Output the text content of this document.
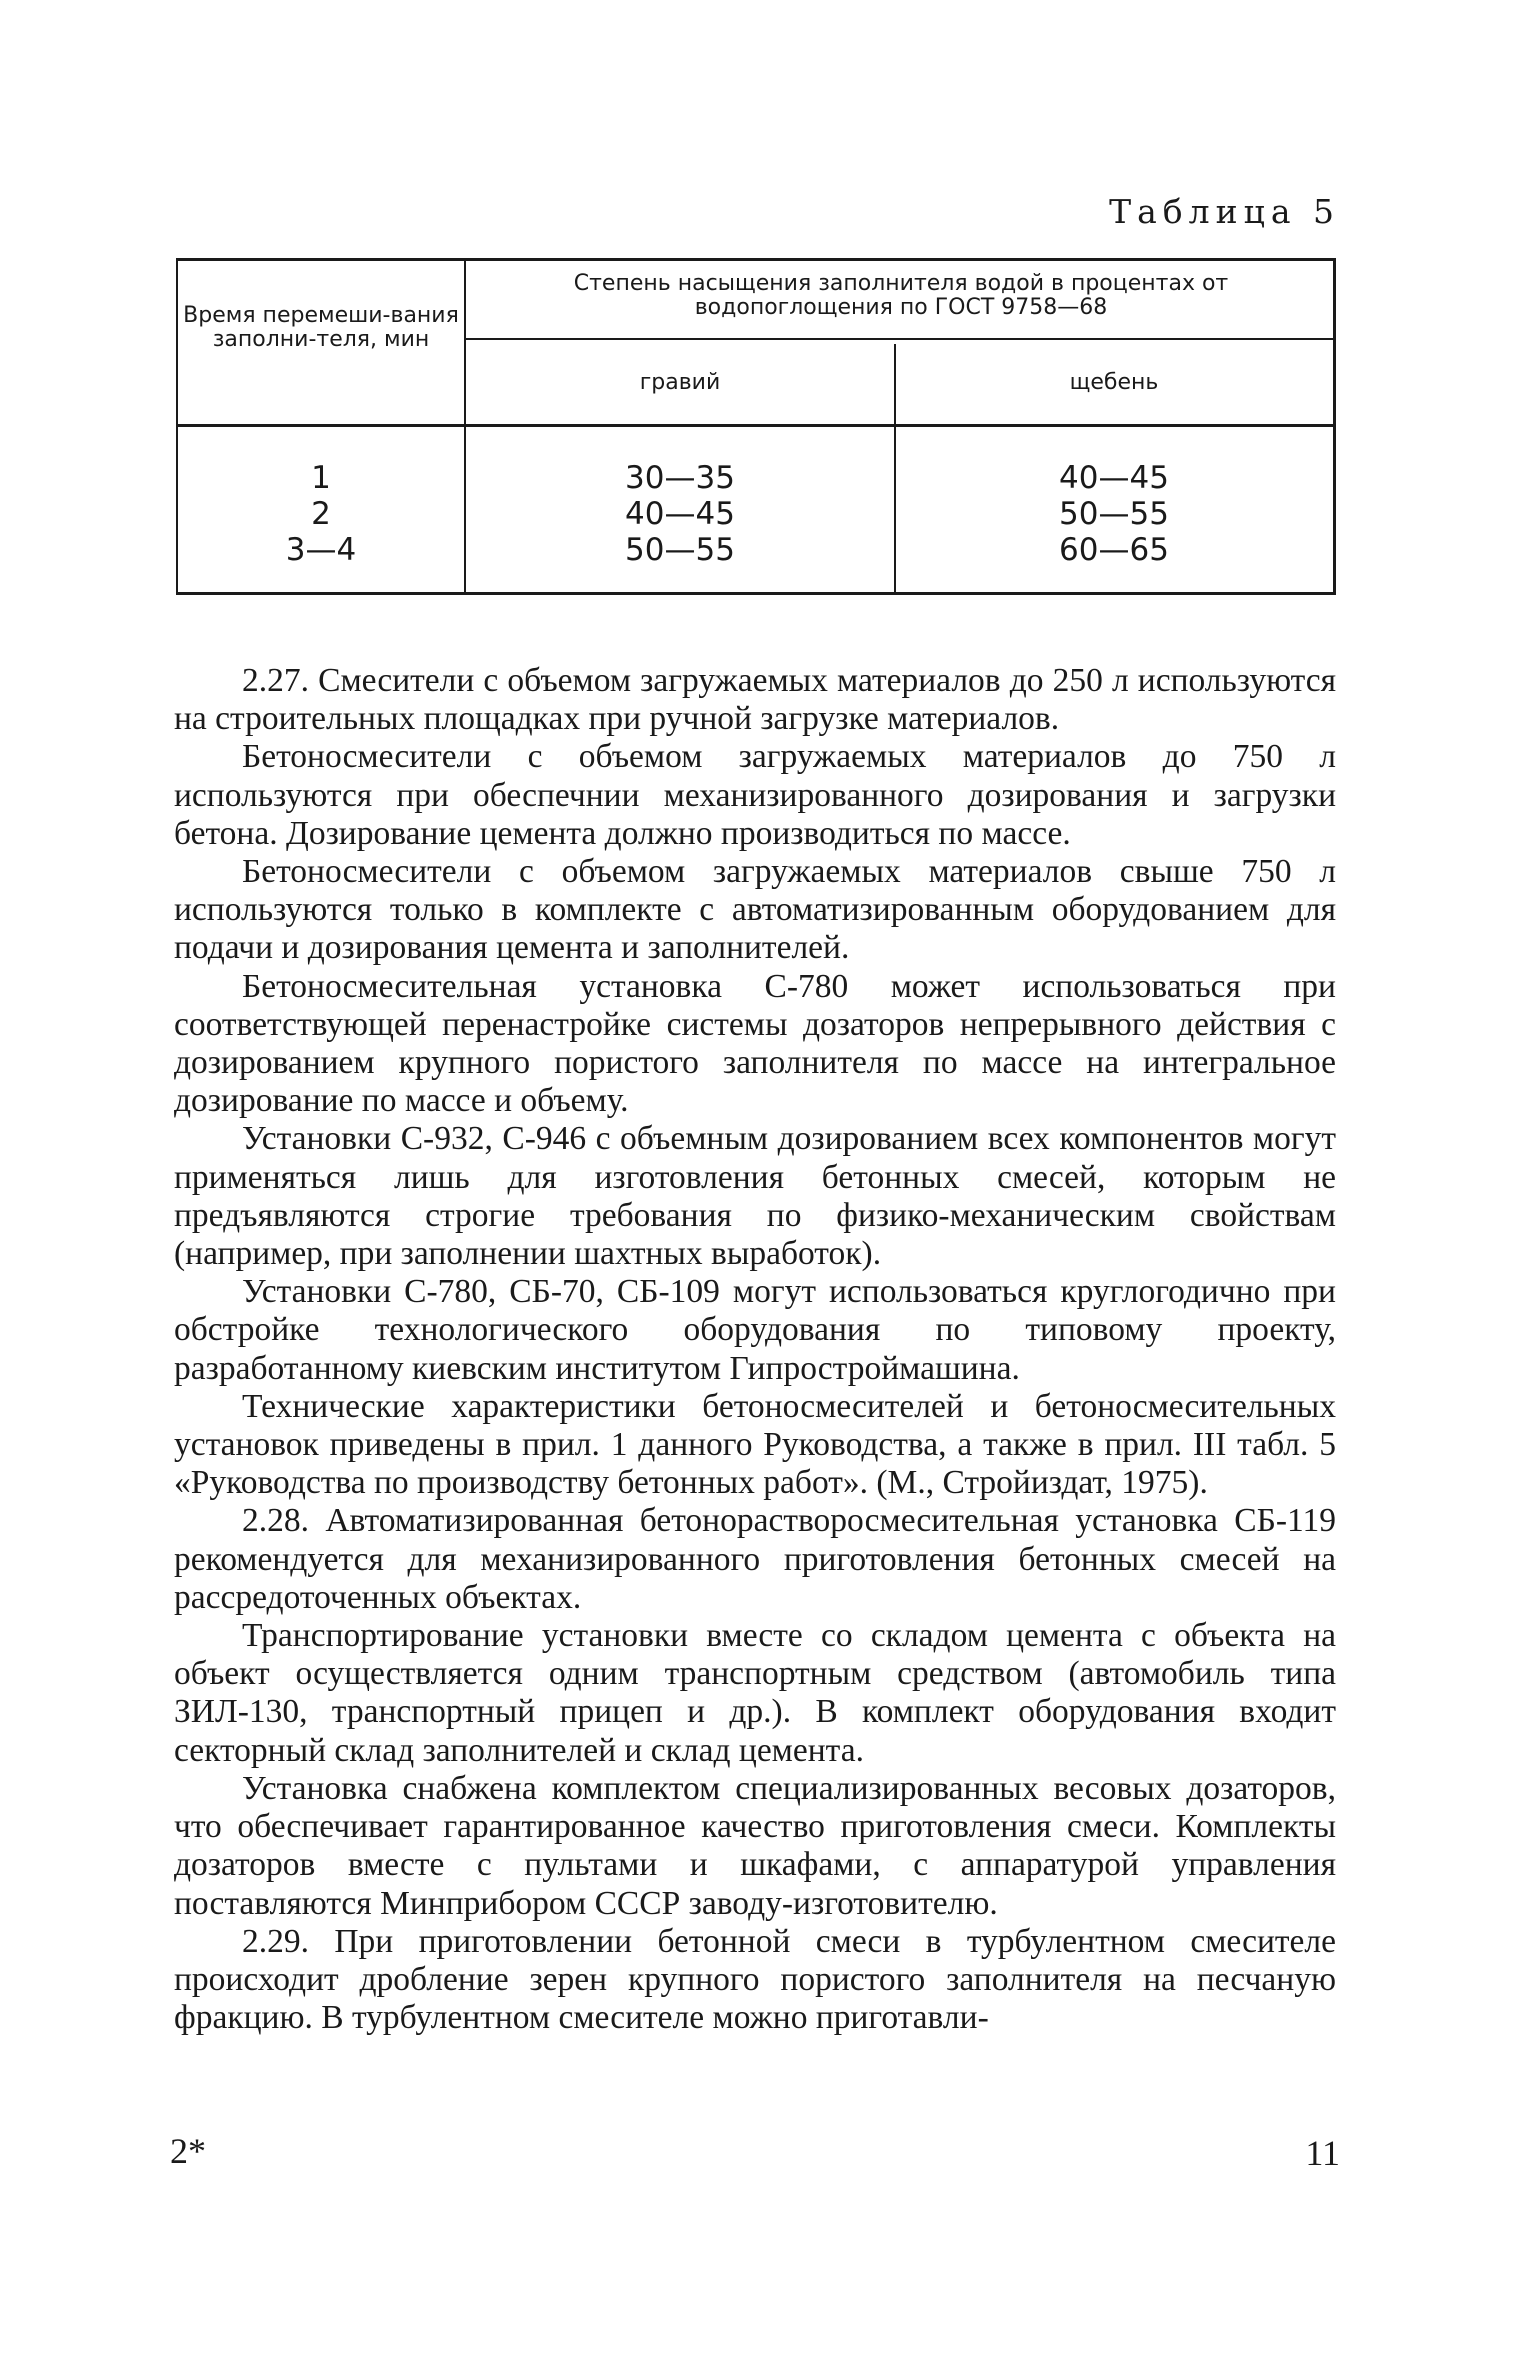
Таблица 5
Время перемеши-вания заполни-теля, мин
Степень насыщения заполнителя водой в процентах от водопоглощения по ГОСТ 9758—68
гравий	щебень
1
2
3—4
30—35
40—45
50—55
40—45
50—55
60—65

2.27. Смесители с объемом загружаемых материалов до 250 л используются на строительных площадках при ручной загрузке материалов.

Бетоносмесители с объемом загружаемых материалов до 750 л используются при обеспечнии механизированного дозирования и загрузки бетона. Дозирование цемента должно производиться по массе.

Бетоносмесители с объемом загружаемых материалов свыше 750 л используются только в комплекте с автоматизированным оборудованием для подачи и дозирования цемента и заполнителей.

Бетоносмесительная установка С-780 может использоваться при соответствующей перенастройке системы дозаторов непрерывного действия с дозированием крупного пористого заполнителя по массе на интегральное дозирование по массе и объему.

Установки С-932, С-946 с объемным дозированием всех компонентов могут применяться лишь для изготовления бетонных смесей, которым не предъявляются строгие требования по физико-механическим свойствам (например, при заполнении шахтных выработок).

Установки С-780, СБ-70, СБ-109 могут использоваться круглогодично при обстройке технологического оборудования по типовому проекту, разработанному киевским институтом Гипростроймашина.

Технические характеристики бетоносмесителей и бетоносмесительных установок приведены в прил. 1 данного Руководства, а также в прил. III табл. 5 «Руководства по производству бетонных работ». (М., Стройиздат, 1975).

2.28. Автоматизированная бетонорастворосмесительная установка СБ-119 рекомендуется для механизированного приготовления бетонных смесей на рассредоточенных объектах.

Транспортирование установки вместе со складом цемента с объекта на объект осуществляется одним транспортным средством (автомобиль типа ЗИЛ-130, транспортный прицеп и др.). В комплект оборудования входит секторный склад заполнителей и склад цемента.

Установка снабжена комплектом специализированных весовых дозаторов, что обеспечивает гарантированное качество приготовления смеси. Комплекты дозаторов вместе с пультами и шкафами, с аппаратурой управления поставляются Минприбором СССР заводу-изготовителю.

2.29. При приготовлении бетонной смеси в турбулентном смесителе происходит дробление зерен крупного пористого заполнителя на песчаную фракцию. В турбулентном смесителе можно приготавли-

2*	11
